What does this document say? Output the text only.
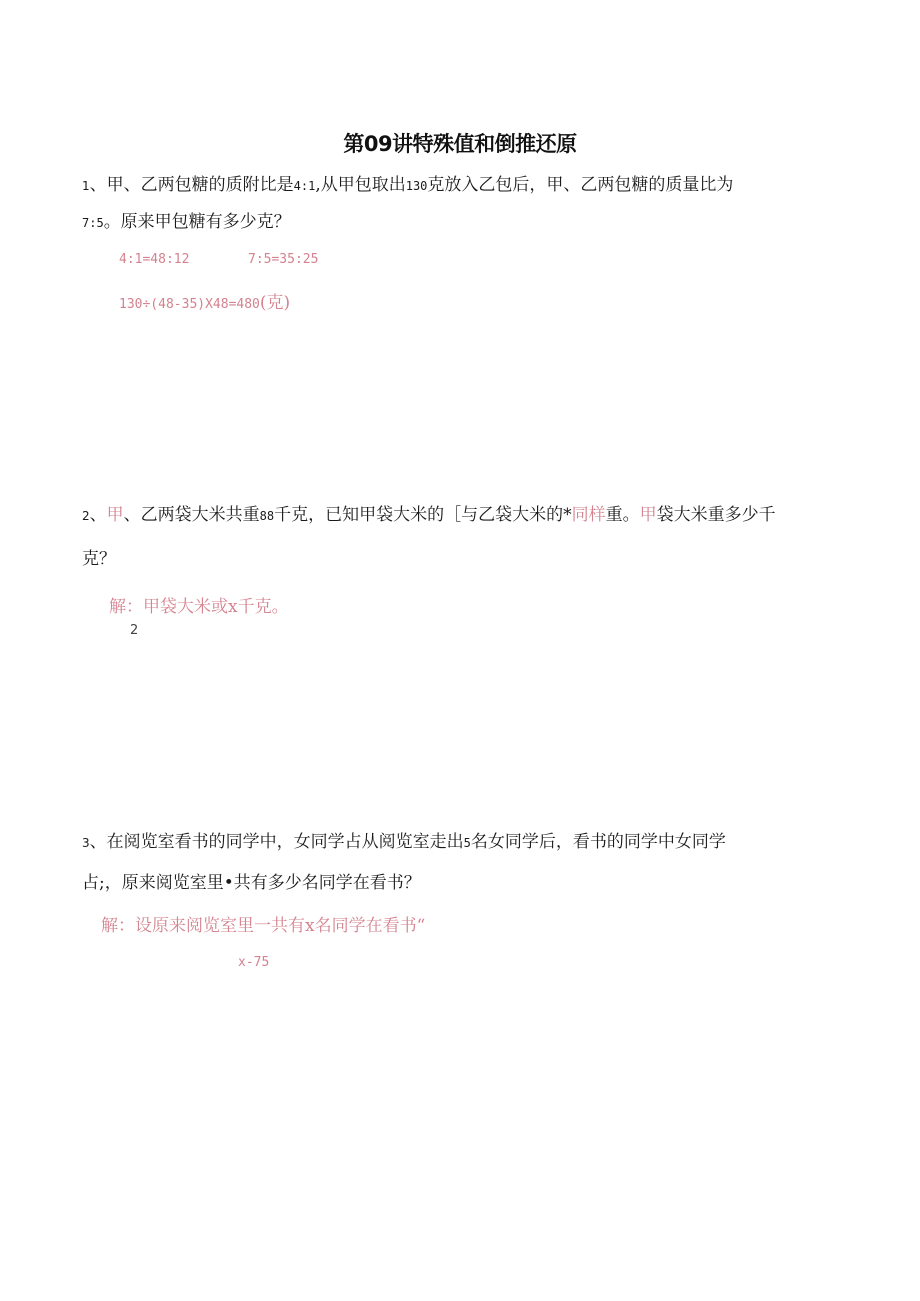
第09讲特殊值和倒推还原
1、甲、乙两包糖的质附比是4:1,从甲包取出130克放入乙包后，甲、乙两包糖的质量比为
7:5。原来甲包糖有多少克？
4:1=48:12	7:5=35:25
130÷(48-35)X48=480(克)
2、甲、乙两袋大米共重88千克，已知甲袋大米的［与乙袋大米的*同样重。甲袋大米重多少千
克？
解：甲袋大米或x千克。
2
3、在阅览室看书的同学中，女同学占从阅览室走出5名女同学后，看书的同学中女同学
占;，原来阅览室里•共有多少名同学在看书？
解：设原来阅览室里一共有x名同学在看书“
x-75
